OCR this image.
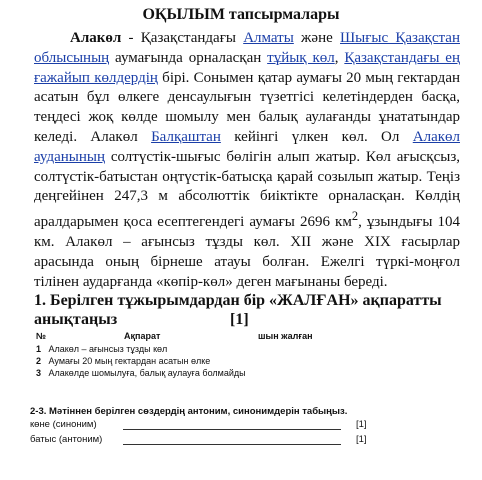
ОҚЫЛЫМ тапсырмалары
Алакөл - Қазақстандағы Алматы және Шығыс Қазақстан облысының аумағында орналасқан тұйық көл, Қазақстандағы ең ғажайып көлдердің бірі. Сонымен қатар аумағы 20 мың гектардан асатын бұл өлкеге денсаулығын түзетгісі келетіндерден басқа, теңдесі жоқ көлде шомылу мен балық аулағанды ұнататындар келеді. Алакөл Балқаштан кейінгі үлкен көл. Ол Алакөл ауданының солтүстік-шығыс бөлігін алып жатыр. Көл ағысқсыз, солтүстік-батыстан оңтүстік-батысқа қарай созылып жатыр. Теңіз деңгейінен 247,3 м абсолюттік биіктікте орналасқан. Көлдің аралдарымен қоса есептегендегі аумағы 2696 $км^2$, ұзындығы 104 км. Алакөл – ағынсыз тұзды көл. XII және XIX ғасырлар арасында оның бірнеше атауы болған. Ежелгі түркі-моңғол тілінен аударғанда «көпір-көл» деген мағынаны береді.
1. Берілген тұжырымдардан бір «ЖАЛҒАН» ақпаратты анықтаңыз	[1]
№	Ақпарат	шын жалған
1 Алакөл – ағынсыз тұзды көл
2 Аумағы 20 мың гектардан асатын өлке
3 Алакөлде шомылуға, балық аулауға болмайды
2-3. Мәтіннен берілген сөздердің антоним, синонимдерін табыңыз.
көне (синоним)	[1]
батыс (антоним)	[1]
